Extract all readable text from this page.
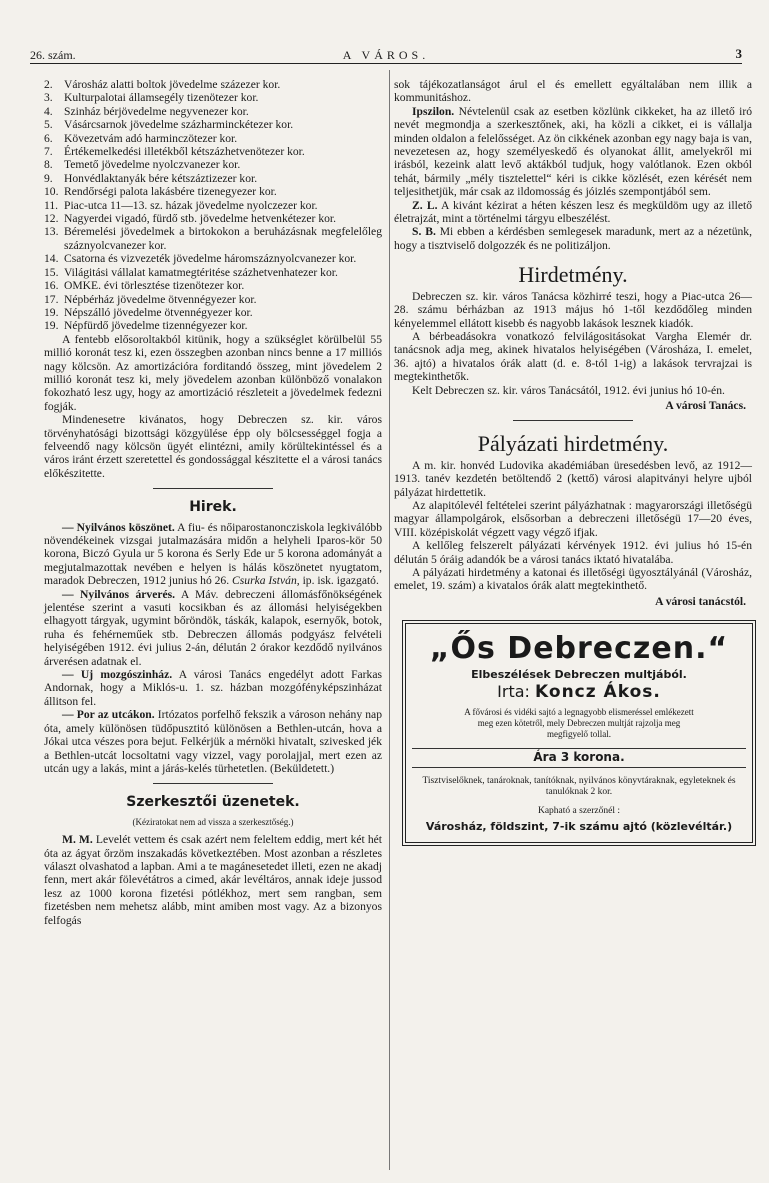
26. szám.	A VÁROS.	3
2. Városház alatti boltok jövedelme százezer kor.
3. Kulturpalotai államsegély tizenötezer kor.
4. Szinház bérjövedelme negyvenezer kor.
5. Vásárcsarnok jövedelme százharminckétezer kor.
6. Kövezetvám adó harminczötezer kor.
7. Értékemelkedési illetékből kétszázhetvenötezer kor.
8. Temető jövedelme nyolczvanezer kor.
9. Honvédlaktanyák bére kétszáztizezer kor.
10. Rendőrségi palota lakásbére tizenegyezer kor.
11. Piac-utca 11—13. sz. házak jövedelme nyolczezer kor.
12. Nagyerdei vigadó, fürdő stb. jövedelme hetvenkétezer kor.
13. Béremelési jövedelmek a birtokokon a beruházásnak megfelelőleg száznyolcvanezer kor.
14. Csatorna és vizvezeték jövedelme háromszáznyolcvanezer kor.
15. Világitási vállalat kamatmegtéritése százhetvenhatezer kor.
16. OMKE. évi törlesztése tizenötezer kor.
17. Népbérház jövedelme ötvennégyezer kor.
19. Népszálló jövedelme ötvennégyezer kor.
19. Népfürdő jövedelme tizennégyezer kor.

A fentebb elősoroltakból kitünik, hogy a szükséglet körülbelül 55 millió koronát tesz ki, ezen összegben azonban nincs benne a 17 milliós nagy kölcsön. Az amortizációra forditandó összeg, mint jövedelem 2 millió koronát tesz ki, mely jövedelem azonban különböző vonalakon fokozható lesz ugy, hogy az amortizáció részleteit a jövedelmek fedezni fogják.

Mindenesetre kivánatos, hogy Debreczen sz. kir. város törvényhatósági bizottsági közgyülése épp oly bölcsességgel fogja a felveendő nagy kölcsön ügyét elintézni, amily körültekintéssel és a város iránt érzett szeretettel és gondossággal készitette el a városi tanács előkészitette.

Hirek.

— Nyilvános köszönet. A fiu- és nőiparostanoncziskola legkiválóbb növendékeinek vizsgai jutalmazására midőn a helyheli Iparos-kör 50 korona, Biczó Gyula ur 5 korona és Serly Ede ur 5 korona adományát a megjutalmazottak nevében e helyen is hálás köszönetet nyugtatom, maradok Debreczen, 1912 junius hó 26. Csurka István, ip. isk. igazgató.

— Nyilvános árverés. A Máv. debreczeni állomásfőnökségének jelentése szerint a vasuti kocsikban és az állomási helyiségekben elhagyott tárgyak, ugymint bőröndök, táskák, kalapok, esernyők, botok, ruha és fehérneműek stb. Debreczen állomás podgyász felvételi helyiségében 1912. évi julius 2-án, délután 2 órakor kezdődő nyilvános árverésen adatnak el.

— Uj mozgószinház. A városi Tanács engedélyt adott Farkas Andornak, hogy a Miklós-u. 1. sz. házban mozgófényképszinházat állitson fel.

— Por az utcákon. Irtózatos porfelhő fekszik a városon nehány nap óta, amely különösen tüdőpusztitó különösen a Bethlen-utcán, hova a Jókai utca vészes pora bejut. Felkérjük a mérnöki hivatalt, szivesked jék a Bethlen-utcát locsoltatni vagy vizzel, vagy porolajjal, mert ezen az utcán ugy a lakás, mint a járás-kelés türhetetlen. (Beküldetett.)

Szerkesztői üzenetek.
(Kéziratokat nem ad vissza a szerkesztőség.)

M. M. Levelét vettem és csak azért nem feleltem eddig, mert két hét óta az ágyat őrzöm inszakadás következtében. Most azonban a részletes választ olvashatod a lapban. Ami a te magánesetedet illeti, ezen ne akadj fenn, mert akár fölevétátros a cimed, akár levéltáros, annak ideje jussod lesz az 1000 korona fizetési pótlékhoz, mert sem rangban, sem fizetésben nem mehetsz alább, mint amiben most vagy. Az a bizonyos felfogás

sok tájékozatlanságot árul el és emellett egyáltalában nem illik a kommunitáshoz.

Ipszilon. Névtelenül csak az esetben közlünk cikkeket, ha az illető iró nevét megmondja a szerkesztőnek, aki, ha közli a cikket, ei is vállalja minden oldalon a felelősséget. Az ön cikkének azonban egy nagy baja is van, nevezetesen az, hogy személyeskedő és olyanokat állit, amelyekről mi irásból, kezeink alatt levő aktákból tudjuk, hogy valótlanok. Ezen okból tehát, bármily „mély tisztelettel“ kéri is cikke közlését, ezen kérését nem teljesithetjük, már csak az ildomosság és jóizlés szempontjából sem.

Z. L. A kivánt kézirat a héten készen lesz és megküldöm ugy az illető életrajzát, mint a történelmi tárgyu elbeszélést.

S. B. Mi ebben a kérdésben semlegesek maradunk, mert az a nézetünk, hogy a tisztviselő dolgozzék és ne politizáljon.

Hirdetmény.

Debreczen sz. kir. város Tanácsa közhirré teszi, hogy a Piac-utca 26—28. számu bérházban az 1913 május hó 1-től kezdődőleg minden kényelemmel ellátott kisebb és nagyobb lakások lesznek kiadók.

A bérbeadásokra vonatkozó felvilágositásokat Vargha Elemér dr. tanácsnok adja meg, akinek hivatalos helyiségében (Városháza, I. emelet, 36. ajtó) a hivatalos órák alatt (d. e. 8-tól 1-ig) a lakások tervrajzai is megtekinthetők.

Kelt Debreczen sz. kir. város Tanácsától, 1912. évi junius hó 10-én.

A városi Tanács.
Pályázati hirdetmény.

A m. kir. honvéd Ludovika akadémiában üresedésben levő, az 1912—1913. tanév kezdetén betöltendő 2 (kettő) városi alapitványi helyre ujból pályázat hirdettetik.

Az alapitólevél feltételei szerint pályázhatnak : magyarországi illetőségü magyar állampolgárok, elsősorban a debreczeni illetőségü 17—20 éves, VIII. középiskolát végzett vagy végző ifjak.

A kellőleg felszerelt pályázati kérvények 1912. évi julius hó 15-én délután 5 óráig adandók be a városi tanács iktató hivatalába.

A pályázati hirdetmény a katonai és illetőségi ügyosztályánál (Városház, emelet, 19. szám) a kivatalos órák alatt megtekinthető.

A városi tanácstól.
„Ős Debreczen.“
Elbeszélések Debreczen multjából.
Irta: Koncz Ákos.
A fővárosi és vidéki sajtó a legnagyobb elismeréssel emlékezett meg ezen kötetről, mely Debreczen multját rajzolja meg megfigyelő tollal.
Ára 3 korona.
Tisztviselőknek, tanároknak, tanítóknak, nyilvános könyvtáraknak, egyleteknek és tanulóknak 2 kor.
Kapható a szerzőnél :
Városház, földszint, 7-ik számu ajtó (közlevéltár.)
